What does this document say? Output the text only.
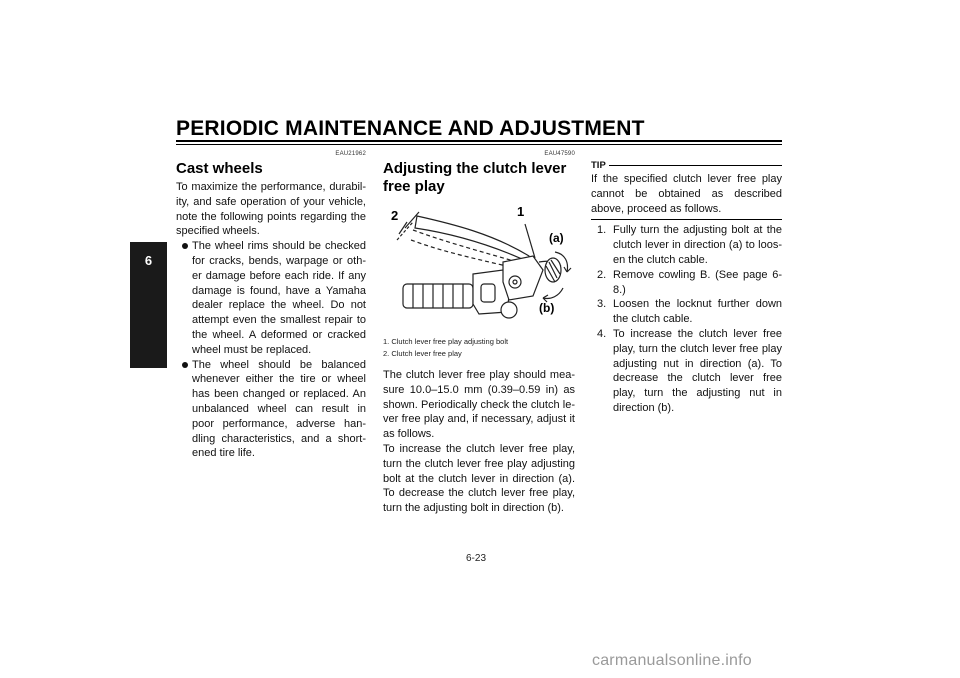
PERIODIC MAINTENANCE AND ADJUSTMENT
6
EAU21962
Cast wheels

To maximize the performance, durabil-ity, and safe operation of your vehicle, note the following points regarding the specified wheels.

The wheel rims should be checked for cracks, bends, warpage or oth-er damage before each ride. If any damage is found, have a Yamaha dealer replace the wheel. Do not attempt even the smallest repair to the wheel. A deformed or cracked wheel must be replaced.
The wheel should be balanced whenever either the tire or wheel has been changed or replaced. An unbalanced wheel can result in poor performance, adverse han-dling characteristics, and a short-ened tire life.
EAU47590
Adjusting the clutch lever free play
2	1
(a)
(b)
1. Clutch lever free play adjusting bolt
2. Clutch lever free play

The clutch lever free play should mea-sure 10.0–15.0 mm (0.39–0.59 in) as shown. Periodically check the clutch le-ver free play and, if necessary, adjust it as follows.

To increase the clutch lever free play, turn the clutch lever free play adjusting bolt at the clutch lever in direction (a). To decrease the clutch lever free play, turn the adjusting bolt in direction (b).

TIP

If the specified clutch lever free play cannot be obtained as described above, proceed as follows.

1. Fully turn the adjusting bolt at the clutch lever in direction (a) to loos-en the clutch cable.
2. Remove cowling B. (See page 6-8.)
3. Loosen the locknut further down the clutch cable.
4. To increase the clutch lever free play, turn the clutch lever free play adjusting nut in direction (a). To decrease the clutch lever free play, turn the adjusting nut in direction (b).
6-23
carmanualsonline.info
